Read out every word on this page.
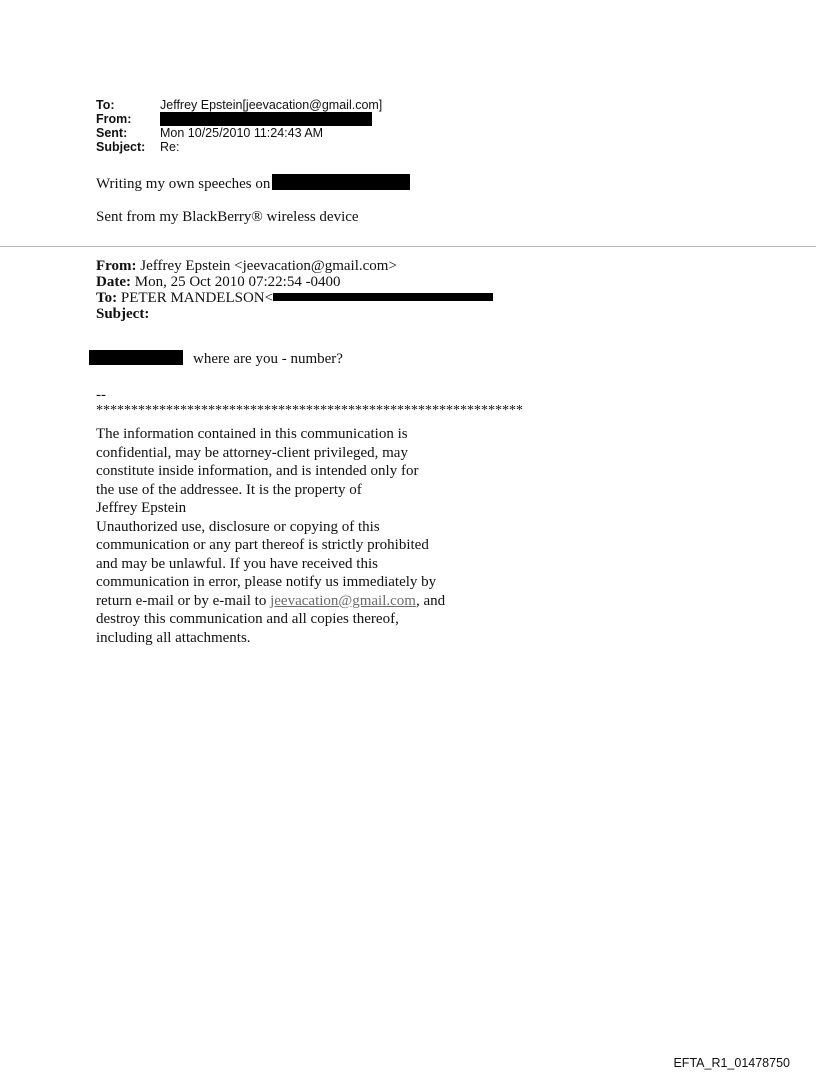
To:	Jeffrey Epstein[jeevacation@gmail.com]
From:
Sent:	Mon 10/25/2010 11:24:43 AM
Subject:	Re:
Writing my own speeches on
Sent from my BlackBerry® wireless device
From: Jeffrey Epstein <jeevacation@gmail.com>
Date: Mon, 25 Oct 2010 07:22:54 -0400
To: PETER MANDELSON<
Subject:
where are you - number?
--
*************************************************************
The information contained in this communication is
confidential, may be attorney-client privileged, may
constitute inside information, and is intended only for
the use of the addressee. It is the property of
Jeffrey Epstein
Unauthorized use, disclosure or copying of this
communication or any part thereof is strictly prohibited
and may be unlawful. If you have received this
communication in error, please notify us immediately by
return e-mail or by e-mail to jeevacation@gmail.com, and
destroy this communication and all copies thereof,
including all attachments.
EFTA_R1_01478750
